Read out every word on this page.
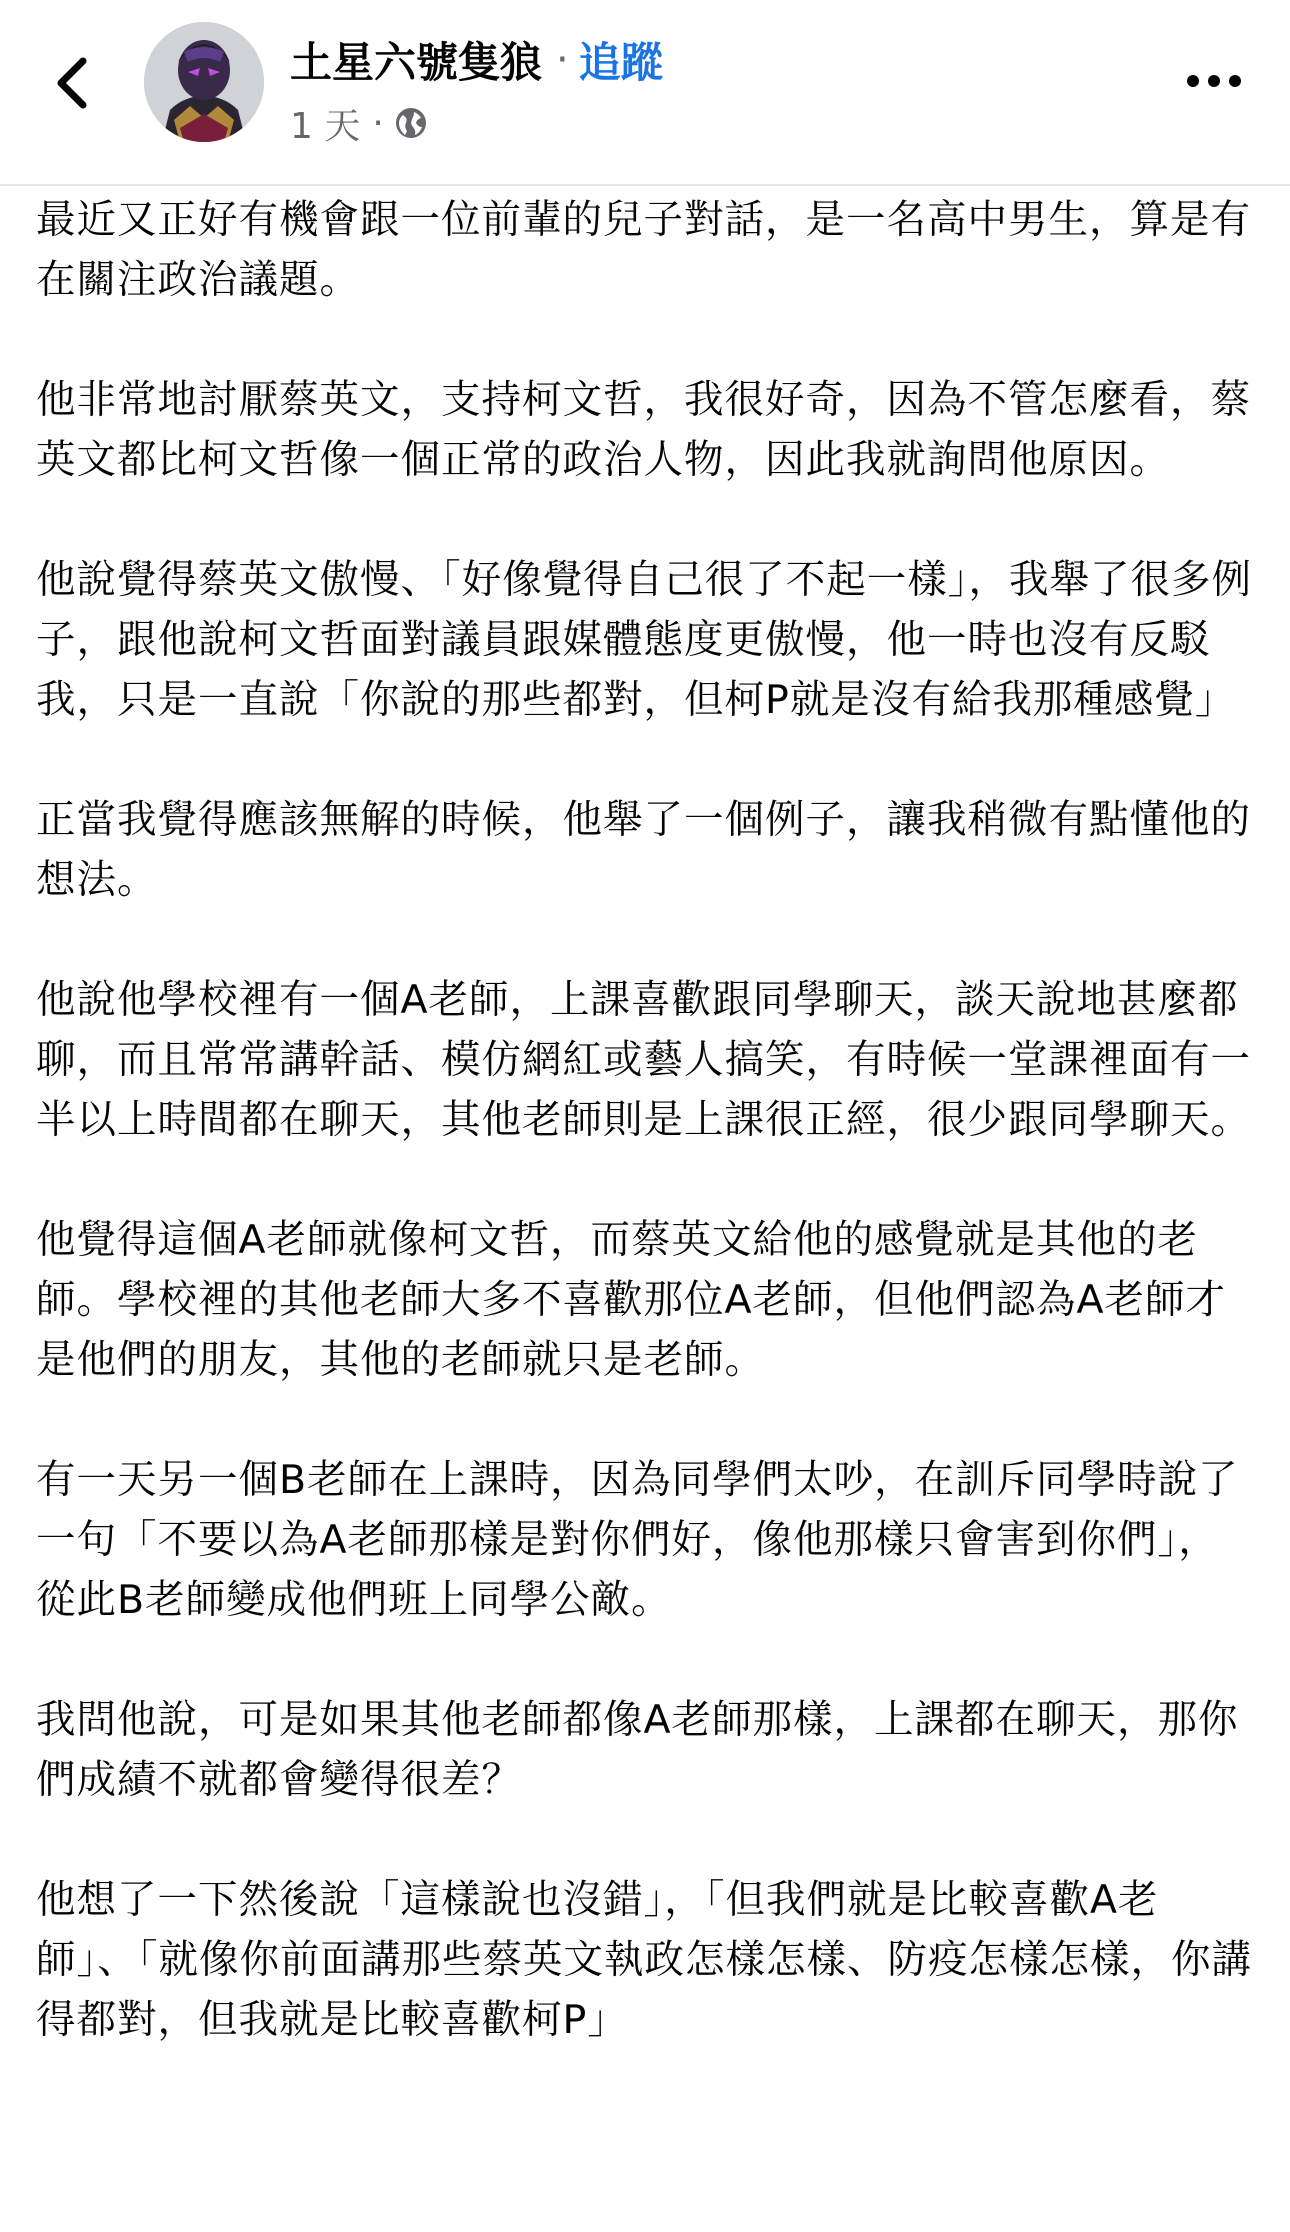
土星六號隻狼 · 追蹤
1 天 ·

最近又正好有機會跟一位前輩的兒子對話，是一名高中男生，算是有在關注政治議題。

他非常地討厭蔡英文，支持柯文哲，我很好奇，因為不管怎麼看，蔡英文都比柯文哲像一個正常的政治人物，因此我就詢問他原因。

他說覺得蔡英文傲慢、「好像覺得自己很了不起一樣」，我舉了很多例子，跟他說柯文哲面對議員跟媒體態度更傲慢，他一時也沒有反駁我，只是一直說「你說的那些都對，但柯P就是沒有給我那種感覺」

正當我覺得應該無解的時候，他舉了一個例子，讓我稍微有點懂他的想法。

他說他學校裡有一個A老師，上課喜歡跟同學聊天，談天說地甚麼都聊，而且常常講幹話、模仿網紅或藝人搞笑，有時候一堂課裡面有一半以上時間都在聊天，其他老師則是上課很正經，很少跟同學聊天。

他覺得這個A老師就像柯文哲，而蔡英文給他的感覺就是其他的老師。學校裡的其他老師大多不喜歡那位A老師，但他們認為A老師才是他們的朋友，其他的老師就只是老師。

有一天另一個B老師在上課時，因為同學們太吵，在訓斥同學時說了一句「不要以為A老師那樣是對你們好，像他那樣只會害到你們」，從此B老師變成他們班上同學公敵。

我問他說，可是如果其他老師都像A老師那樣，上課都在聊天，那你們成績不就都會變得很差？

他想了一下然後說「這樣說也沒錯」，「但我們就是比較喜歡A老師」、「就像你前面講那些蔡英文執政怎樣怎樣、防疫怎樣怎樣，你講得都對，但我就是比較喜歡柯P」
